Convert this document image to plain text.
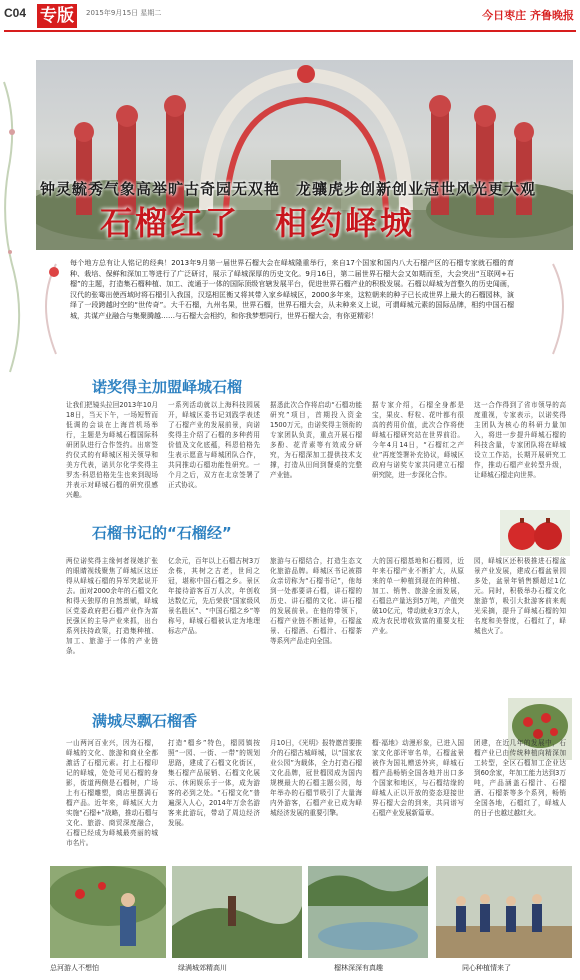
C04 专版	2015年9月15日 星期二	今日枣庄 齐鲁晚报
钟灵毓秀气象高举旷古奇园无双艳　龙骧虎步创新创业冠世风光更大观
石榴红了　相约峄城
每个地方总有让人铭记的经典！2013年9月第一届世界石榴大会在峄城隆重举行，来自17个国家和国内八大石榴产区的石榴专家就石榴的育种、栽培、保鲜和深加工等进行了广泛研讨，展示了峄城深厚的历史文化。9月16日，第二届世界石榴大会又如期而至，大会突出“互联网+石榴”的主题，打造集石榴种植、加工、流通于一体的国际顶级官辖发展平台，促进世界石榴产业的积极发展。石榴以峄城为首整久的历史闻画，汉代的张骞出使西域时将石榴引入我国，汉巡相匡衡又将其带入家乡峄城区，2000多年来，这粒朝来的种子已长成世界上最大的石榴园林，演绎了一段跨越时空的“世传奇”。大千石榴，九州名果，世界石榴，世界石榴大会，从未种来义上说，可谓峄城元素的国际品牌，相约中国石榴城，共谋产业融合与集聚腾越……与石榴大会相约，和你我梦想同行，世界石榴大会，有你更精彩！
诺奖得主加盟峄城石榴
让我们把镜头拉回2013年10月18日，当天下午，一场短暂而低调的会谈在上海首机场举行，主题是为峄城石榴国际科研团队进行合作签约。出席签约仪式的有峄城区相关领导和美方代表，诺贝尔化学奖得主罗杰·科恩伯格先生也来到现场并表示对峄城石榴的研究很感兴趣。
一系列活动就以上海科技园展开，峄城区委书记刘践学表述了石榴产业的发展前景，向诺奖得主介绍了石榴的多种药用价值及文化底蕴，科恩伯格先生表示愿意与峄城团队合作，共同推动石榴功能性研究。一个月之后，双方在北京签署了正式协议。
据悉此次合作将启动“石榴功能研究”项目，首期投入资金1500万元，由诺奖得主领衔的专家团队负责，重点开展石榴多酚、花青素等有效成分研究，为石榴深加工提供技术支撑，打造从田间到餐桌的完整产业链。
据专家介绍，石榴全身都是宝，果皮、籽粒、花叶都有很高的药用价值，此次合作将使峄城石榴研究站在世界前沿。今年4月14日，“石榴红之产业”再度签署补充协议，峄城区政府与诺奖专家共同建立石榴研究院，进一步深化合作。
这一合作得到了省市领导的高度重视，专家表示，以诺奖得主团队为核心的科研力量加入，将进一步提升峄城石榴的科技含量，专家团队将在峄城设立工作站，长期开展研究工作，推动石榴产业转型升级，让峄城石榴走向世界。
石榴书记的“石榴经”
两位诺奖得主缘何者视她扩张的眼睛视线聚焦了峄城区这还得从峄城石榴的异军突起说开去。面对2000余年的石榴文化和得天独厚的自然禀赋，峄城区党委政府把石榴产业作为富民强区的主导产业来抓，出台系列扶持政策，打造集种植、加工、旅游于一体的产业链条。
亿余元，百年以上石榴古树3万余株，其树之古老，世间之冠，堪称中国石榴之乡。景区年接待游客百万人次，年创收达数亿元，先后荣获“国家级风景名胜区”、“中国石榴之乡”等称号，峄城石榴被认定为地理标志产品。
旅游与石榴结合，打造生态文化旅游品牌。峄城区书记被群众亲切称为“石榴书记”，他每到一处都要讲石榴，讲石榴的历史、讲石榴的文化、讲石榴的发展前景。在他的带领下，石榴产业链不断延伸，石榴盆景、石榴酒、石榴汁、石榴茶等系列产品走向全国。
大的国石榴基地和石榴园，近年来石榴产业不断扩大，从原来的单一种植到现在的种植、加工、销售、旅游全面发展，石榴总产量达到5万吨，产值突破10亿元，带动就业3万余人，成为农民增收致富的重要支柱产业。
园，峄城区还积极推进石榴盆景产业发展，建成石榴盆景园多处，盆景年销售额超过1亿元。同时，积极举办石榴文化旅游节，吸引大批游客前来观光采摘，提升了峄城石榴的知名度和美誉度，石榴红了，峄城也火了。
满城尽飘石榴香
一山两河百业兴，因为石榴，峄城的文化、旅游和商业全都激活了石榴元素。打上石榴印记的峄城，处处可见石榴的身影，街道两侧是石榴树，广场上有石榴雕塑，商店里摆满石榴产品。近年来，峄城区大力实施“石榴+”战略，推动石榴与文化、旅游、商贸深度融合，石榴已经成为峄城最亮丽的城市名片。
打造“榴乡”特色，榴园镇按照“一园、一街、一带”的规划思路，建成了石榴文化街区，集石榴产品展销、石榴文化展示、休闲娱乐于一体，成为游客的必到之处。“石榴文化”普遍深入人心，2014年万余名游客来此游玩，带动了周边经济发展。
月10日，《光明》报特邀首要推介的石榴古城峄城，以“国家农业公园”为载体，全力打造石榴文化品牌，冠世榴园成为国内规模最大的石榴主题公园，每年举办的石榴节吸引了大量海内外游客，石榴产业已成为峄城经济发展的重要引擎。
榴·福地》动漫形象，已进入国家文化部评审名单，石榴盆景被作为国礼赠送外宾，峄城石榴产品畅销全国各地并出口多个国家和地区，与石榴结缘的峄城人正以开放的姿态迎接世界石榴大会的到来，共同谱写石榴产业发展新篇章。
团建，在近几年的发展中，石榴产业已由传统种植向精深加工转型，全区石榴加工企业达到60余家，年加工能力达到3万吨，产品涵盖石榴汁、石榴酒、石榴茶等多个系列，畅销全国各地，石榴红了，峄城人的日子也越过越红火。
总河游人不想怕	绿满城郊精高川	榴林深深有真趣	同心种植情来了
